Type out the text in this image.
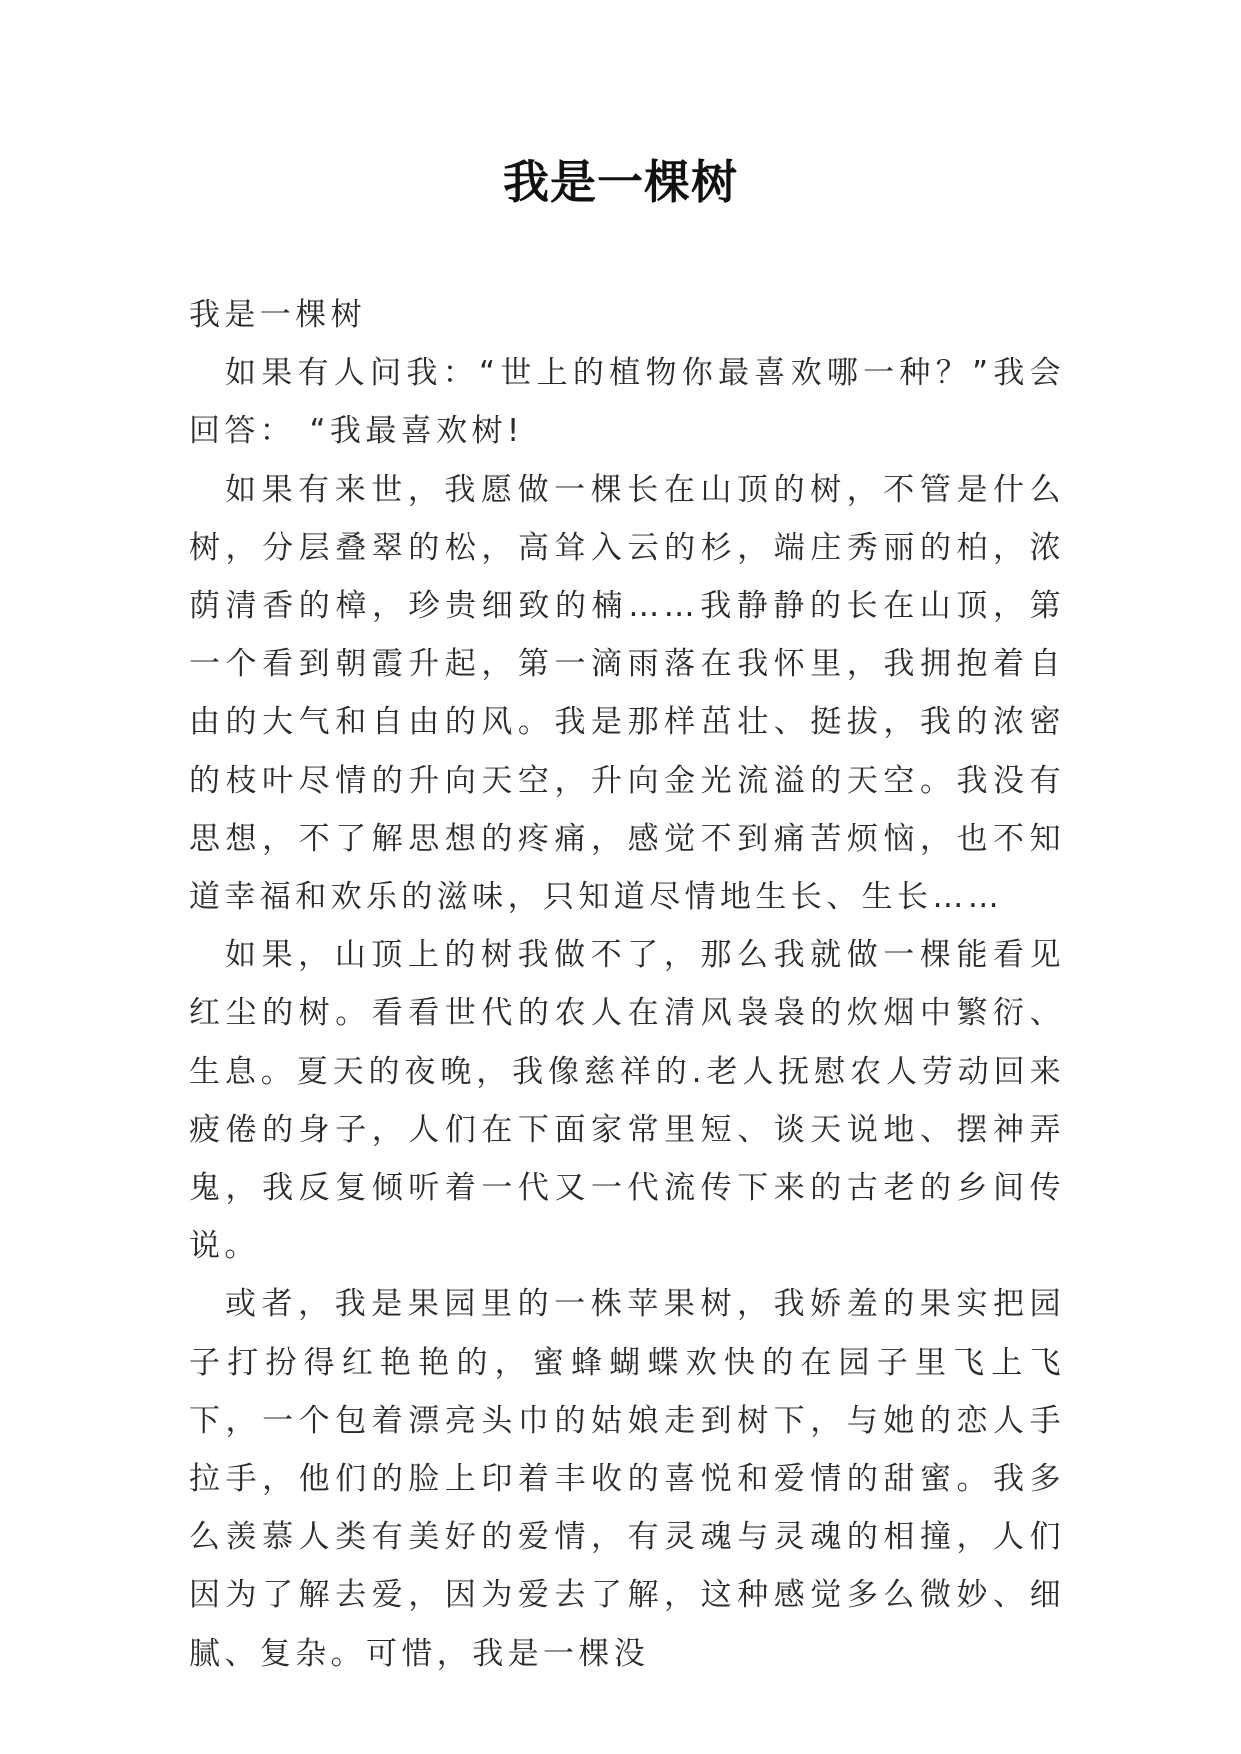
我是一棵树

我是一棵树

如果有人问我：“世上的植物你最喜欢哪一种？”我会回答： “我最喜欢树!

如果有来世，我愿做一棵长在山顶的树，不管是什么树，分层叠翠的松，高耸入云的杉，端庄秀丽的柏，浓荫清香的樟，珍贵细致的楠……我静静的长在山顶，第一个看到朝霞升起，第一滴雨落在我怀里，我拥抱着自由的大气和自由的风。我是那样茁壮、挺拔，我的浓密的枝叶尽情的升向天空，升向金光流溢的天空。我没有思想，不了解思想的疼痛，感觉不到痛苦烦恼，也不知道幸福和欢乐的滋味，只知道尽情地生长、生长……

如果，山顶上的树我做不了，那么我就做一棵能看见红尘的树。看看世代的农人在清风袅袅的炊烟中繁衍、生息。夏天的夜晚，我像慈祥的.老人抚慰农人劳动回来疲倦的身子，人们在下面家常里短、谈天说地、摆神弄鬼，我反复倾听着一代又一代流传下来的古老的乡间传说。

或者，我是果园里的一株苹果树，我娇羞的果实把园子打扮得红艳艳的，蜜蜂蝴蝶欢快的在园子里飞上飞下，一个包着漂亮头巾的姑娘走到树下，与她的恋人手拉手，他们的脸上印着丰收的喜悦和爱情的甜蜜。我多么羡慕人类有美好的爱情，有灵魂与灵魂的相撞，人们因为了解去爱，因为爱去了解，这种感觉多么微妙、细腻、复杂。可惜，我是一棵没
